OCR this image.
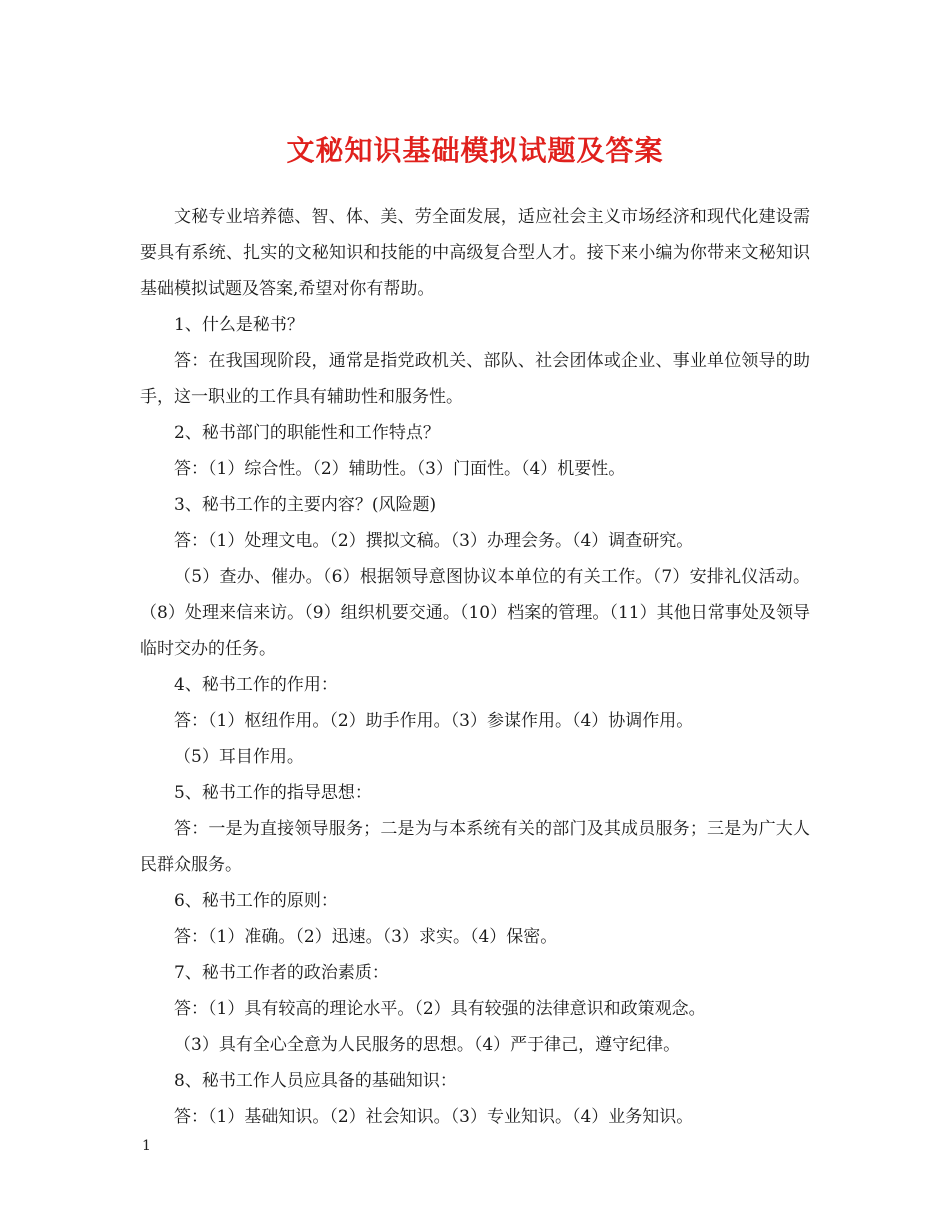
文秘知识基础模拟试题及答案

文秘专业培养德、智、体、美、劳全面发展，适应社会主义市场经济和现代化建设需要具有系统、扎实的文秘知识和技能的中高级复合型人才。接下来小编为你带来文秘知识基础模拟试题及答案,希望对你有帮助。

1、什么是秘书？

答：在我国现阶段，通常是指党政机关、部队、社会团体或企业、事业单位领导的助手，这一职业的工作具有辅助性和服务性。

2、秘书部门的职能性和工作特点？

答：（1）综合性。（2）辅助性。（3）门面性。（4）机要性。

3、秘书工作的主要内容？(风险题)

答：（1）处理文电。（2）撰拟文稿。（3）办理会务。（4）调查研究。

（5）查办、催办。（6）根据领导意图协议本单位的有关工作。（7）安排礼仪活动。（8）处理来信来访。（9）组织机要交通。（10）档案的管理。（11）其他日常事处及领导临时交办的任务。

4、秘书工作的作用：

答：（1）枢纽作用。（2）助手作用。（3）参谋作用。（4）协调作用。

（5）耳目作用。

5、秘书工作的指导思想：

答：一是为直接领导服务；二是为与本系统有关的部门及其成员服务；三是为广大人民群众服务。

6、秘书工作的原则：

答：（1）准确。（2）迅速。（3）求实。（4）保密。

7、秘书工作者的政治素质：

答：（1）具有较高的理论水平。（2）具有较强的法律意识和政策观念。

（3）具有全心全意为人民服务的思想。（4）严于律己，遵守纪律。

8、秘书工作人员应具备的基础知识：

答：（1）基础知识。（2）社会知识。（3）专业知识。（4）业务知识。

1
